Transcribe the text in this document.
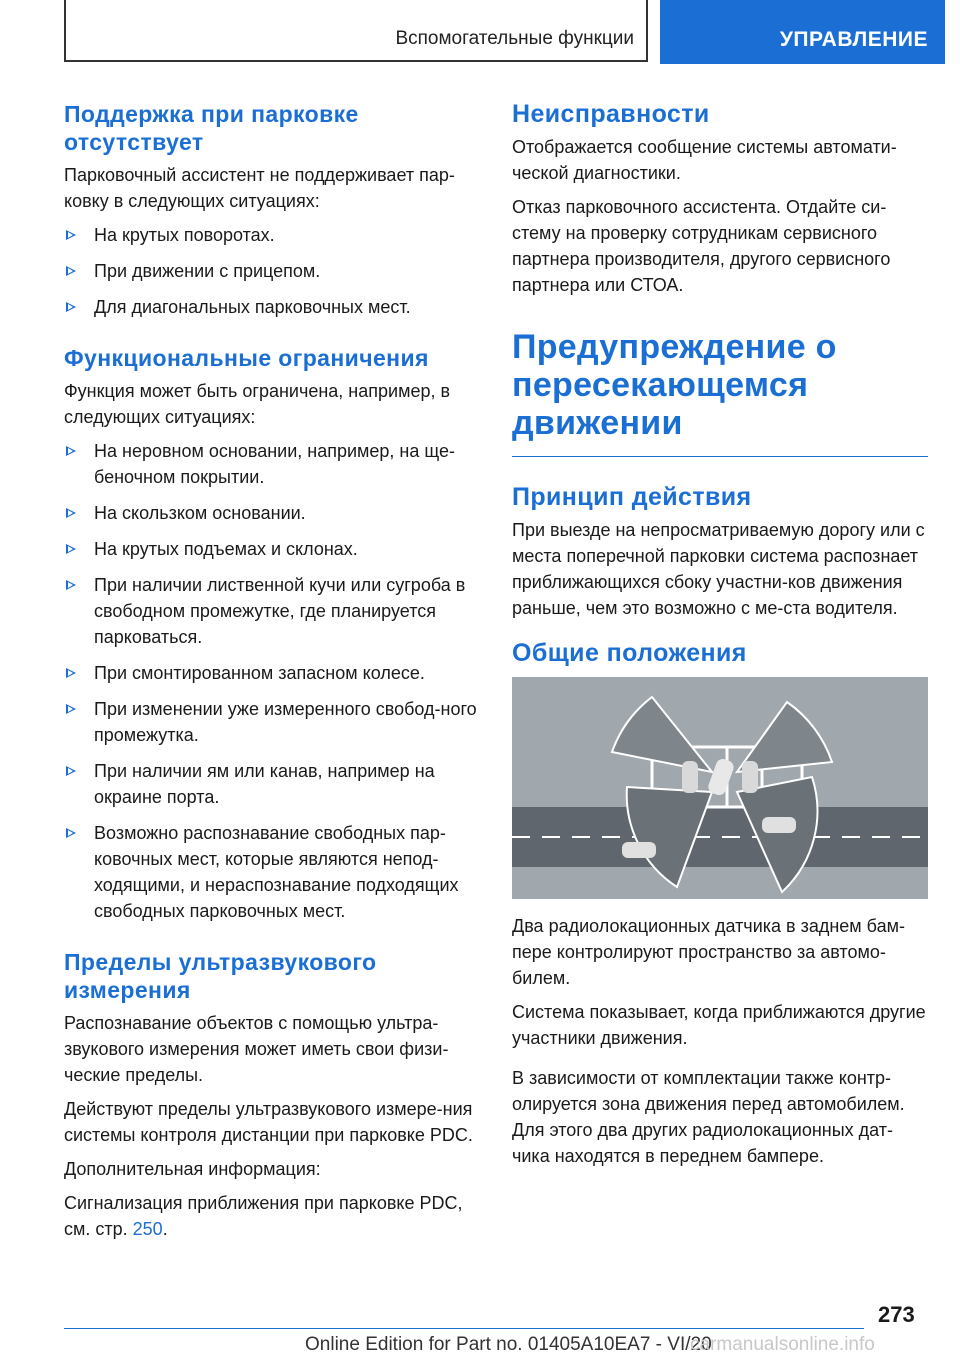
Вспомогательные функции	УПРАВЛЕНИЕ
Поддержка при парковке отсутствует

Парковочный ассистент не поддерживает пар-ковку в следующих ситуациях:

На крутых поворотах.
При движении с прицепом.
Для диагональных парковочных мест.
Функциональные ограничения

Функция может быть ограничена, например, в следующих ситуациях:

На неровном основании, например, на ще-беночном покрытии.
На скользком основании.
На крутых подъемах и склонах.
При наличии лиственной кучи или сугроба в свободном промежутке, где планируется парковаться.
При смонтированном запасном колесе.
При изменении уже измеренного свобод-ного промежутка.
При наличии ям или канав, например на окраине порта.
Возможно распознавание свободных пар-ковочных мест, которые являются непод-ходящими, и нераспознавание подходящих свободных парковочных мест.
Пределы ультразвукового измерения

Распознавание объектов с помощью ультра-звукового измерения может иметь свои физи-ческие пределы.

Действуют пределы ультразвукового измере-ния системы контроля дистанции при парковке PDC.

Дополнительная информация:

Сигнализация приближения при парковке PDC, см. стр. 250.

Неисправности

Отображается сообщение системы автомати-ческой диагностики.

Отказ парковочного ассистента. Отдайте си-стему на проверку сотрудникам сервисного партнера производителя, другого сервисного партнера или СТОА.

Предупреждение о пересекающемся движении
Принцип действия

При выезде на непросматриваемую дорогу или с места поперечной парковки система распознает приближающихся сбоку участни-ков движения раньше, чем это возможно с ме-ста водителя.

Общие положения

Два радиолокационных датчика в заднем бам-пере контролируют пространство за автомо-билем.

Система показывает, когда приближаются другие участники движения.

В зависимости от комплектации также контр-олируется зона движения перед автомобилем. Для этого два других радиолокационных дат-чика находятся в переднем бампере.

273
Online Edition for Part no. 01405A10EA7 - VI/20
carmanualsonline.info
